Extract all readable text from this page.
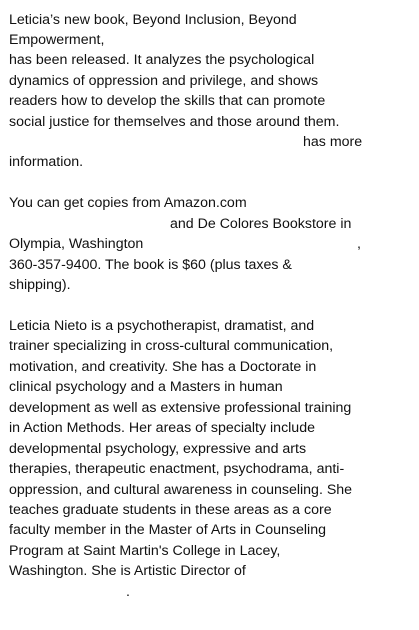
Leticia’s new book, Beyond Inclusion, Beyond
Empowerment,
has been released. It analyzes the psychological
dynamics of oppression and privilege, and shows
readers how to develop the skills that can promote
social justice for themselves and those around them.
has more
information.
You can get copies from Amazon.com
and De Colores Bookstore in
Olympia, Washington	,
360-357-9400. The book is $60 (plus taxes &
shipping).
Leticia Nieto is a psychotherapist, dramatist, and
trainer specializing in cross-cultural communication,
motivation, and creativity. She has a Doctorate in
clinical psychology and a Masters in human
development as well as extensive professional training
in Action Methods. Her areas of specialty include
developmental psychology, expressive and arts
therapies, therapeutic enactment, psychodrama, anti-
oppression, and cultural awareness in counseling. She
teaches graduate students in these areas as a core
faculty member in the Master of Arts in Counseling
Program at Saint Martin's College in Lacey,
Washington. She is Artistic Director of
.
